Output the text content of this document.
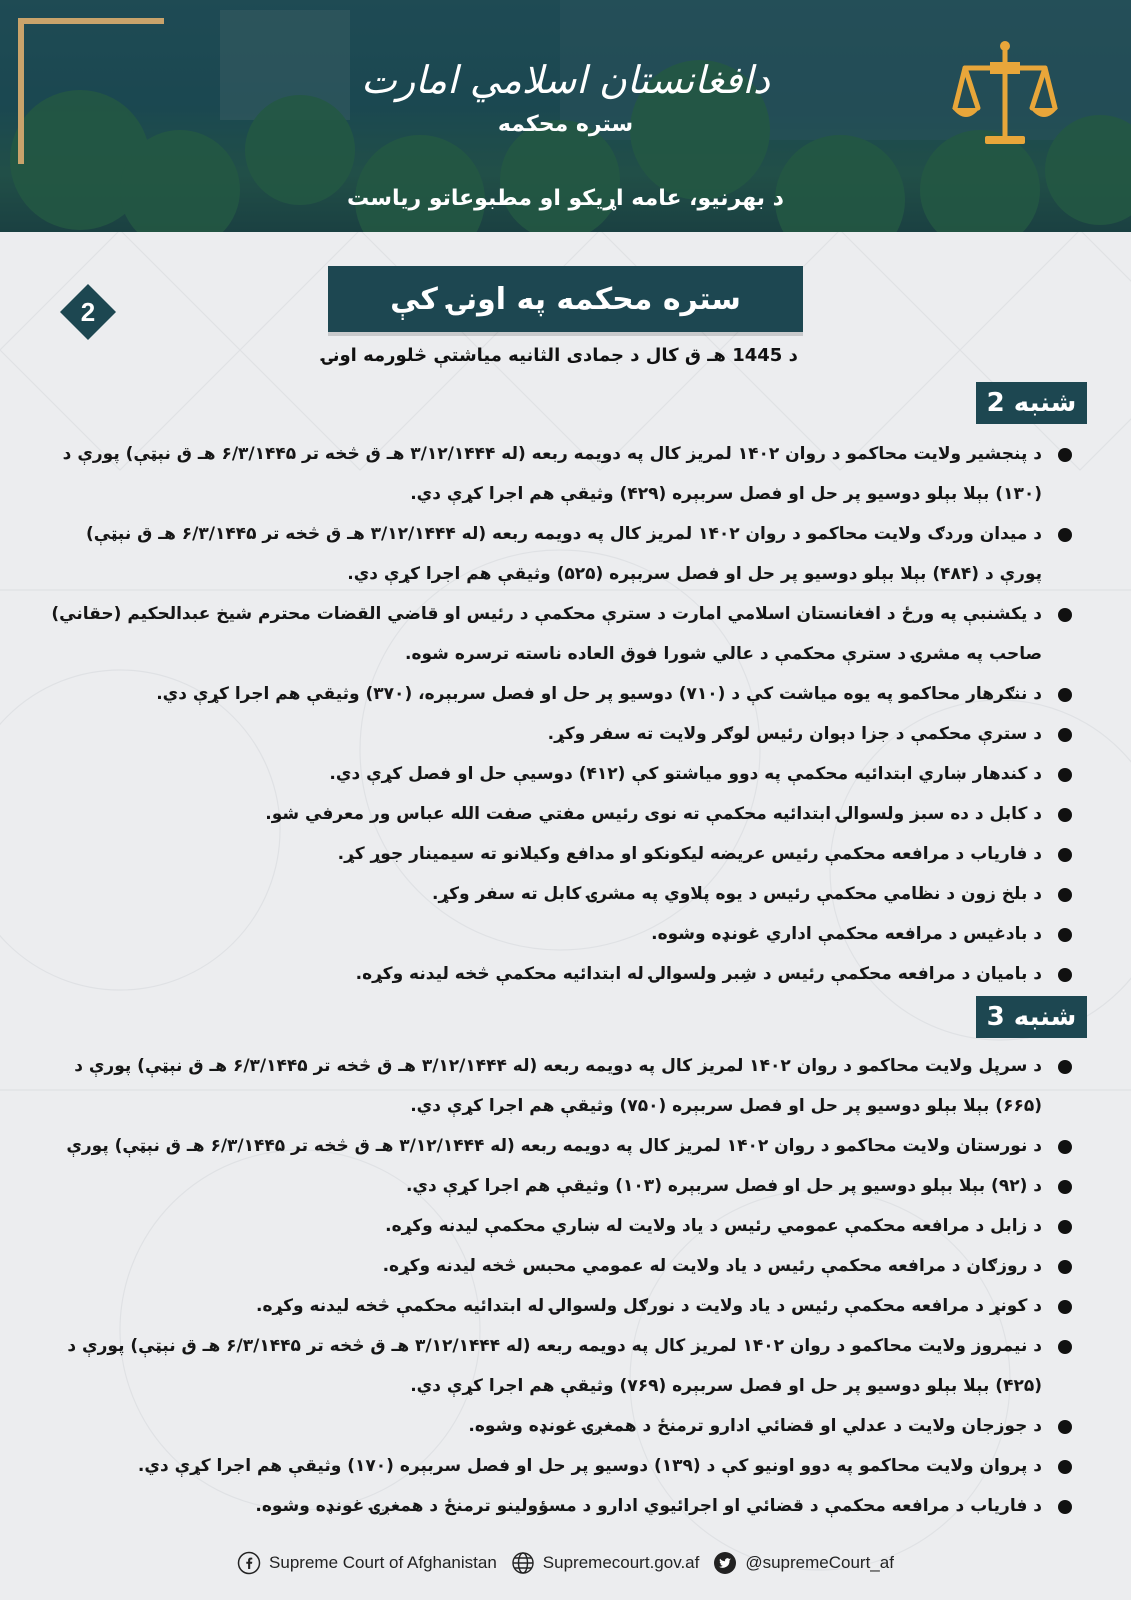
دافغانستان اسلامي امارت
ستره محکمه
د بهرنیو، عامه اړیکو او مطبوعاتو ریاست
ستره محکمه په اونۍ کې
2
د 1445 هـ ق کال د جمادی الثانیه میاشتې څلورمه اونۍ
2 شنبه
د پنجشیر ولایت محاکمو د روان ۱۴۰۲ لمریز کال په دویمه ربعه (له ۳/۱۲/۱۴۴۴ هـ ق څخه تر ۶/۳/۱۴۴۵ هـ ق نېټې) پورې د (۱۳۰) بېلا بېلو دوسیو پر حل او فصل سربېره (۴۲۹) وثیقې هم اجرا کړې دي.
د میدان وردګ ولایت محاکمو د روان ۱۴۰۲ لمریز کال په دویمه ربعه (له ۳/۱۲/۱۴۴۴ هـ ق څخه تر ۶/۳/۱۴۴۵ هـ ق نېټې) پورې د (۴۸۴) بېلا بېلو دوسیو پر حل او فصل سربېره (۵۲۵) وثیقې هم اجرا کړې دي.
د یکشنبې په ورځ د افغانستان اسلامي امارت د سترې محکمې د رئیس او قاضي القضات محترم شیخ عبدالحکیم (حقاني) صاحب په مشرۍ د سترې محکمې د عالي شورا فوق العاده ناسته ترسره شوه.
د ننګرهار محاکمو په یوه میاشت کې د (۷۱۰) دوسیو پر حل او فصل سربېره، (۳۷۰) وثیقې هم اجرا کړې دي.
د سترې محکمې د جزا دېوان رئیس لوګر ولایت ته سفر وکړ.
د کندهار ښاري ابتدائیه محکمې په دوو میاشتو کې (۴۱۲) دوسیې حل او فصل کړې دي.
د کابل د ده سبز ولسوالۍ ابتدائیه محکمې ته نوی رئیس مفتي صفت الله عباس ور معرفي شو.
د فاریاب د مرافعه محکمې رئیس عریضه لیکونکو او مدافع وکیلانو ته سیمینار جوړ کړ.
د بلخ زون د نظامي محکمې رئیس د یوه پلاوي په مشرۍ کابل ته سفر وکړ.
د بادغیس د مرافعه محکمې اداري غونډه وشوه.
د بامیان د مرافعه محکمې رئیس د شِبر ولسوالۍ له ابتدائیه محکمې څخه لیدنه وکړه.
3 شنبه
د سرپل ولایت محاکمو د روان ۱۴۰۲ لمریز کال په دویمه ربعه (له ۳/۱۲/۱۴۴۴ هـ ق څخه تر ۶/۳/۱۴۴۵ هـ ق نېټې) پورې د (۶۶۵) بېلا بېلو دوسیو پر حل او فصل سربېره (۷۵۰) وثیقې هم اجرا کړې دي.
د نورستان ولایت محاکمو د روان ۱۴۰۲ لمریز کال په دویمه ربعه (له ۳/۱۲/۱۴۴۴ هـ ق څخه تر ۶/۳/۱۴۴۵ هـ ق نېټې) پورې
د (۹۲) بېلا بېلو دوسیو پر حل او فصل سربېره (۱۰۳) وثیقې هم اجرا کړې دي.
د زابل د مرافعه محکمې عمومي رئیس د یاد ولایت له ښاري محکمې لیدنه وکړه.
د روزګان د مرافعه محکمې رئیس د یاد ولایت له عمومي محبس څخه لیدنه وکړه.
د کونړ د مرافعه محکمې رئیس د یاد ولایت د نورګل ولسوالۍ له ابتدائیه محکمې څخه لیدنه وکړه.
د نیمروز ولایت محاکمو د روان ۱۴۰۲ لمریز کال په دویمه ربعه (له ۳/۱۲/۱۴۴۴ هـ ق څخه تر ۶/۳/۱۴۴۵ هـ ق نېټې) پورې د (۴۲۵) بېلا بېلو دوسیو پر حل او فصل سربېره (۷۶۹) وثیقې هم اجرا کړې دي.
د جوزجان ولایت د عدلي او قضائي ادارو ترمنځ د همغږۍ غونډه وشوه.
د پروان ولایت محاکمو په دوو اونیو کې د (۱۳۹) دوسیو پر حل او فصل سربېره (۱۷۰) وثیقې هم اجرا کړې دي.
د فاریاب د مرافعه محکمې د قضائي او اجرائیوي ادارو د مسؤولینو ترمنځ د همغږۍ غونډه وشوه.
Supreme Court of Afghanistan	Supremecourt.gov.af	@supremeCourt_af
